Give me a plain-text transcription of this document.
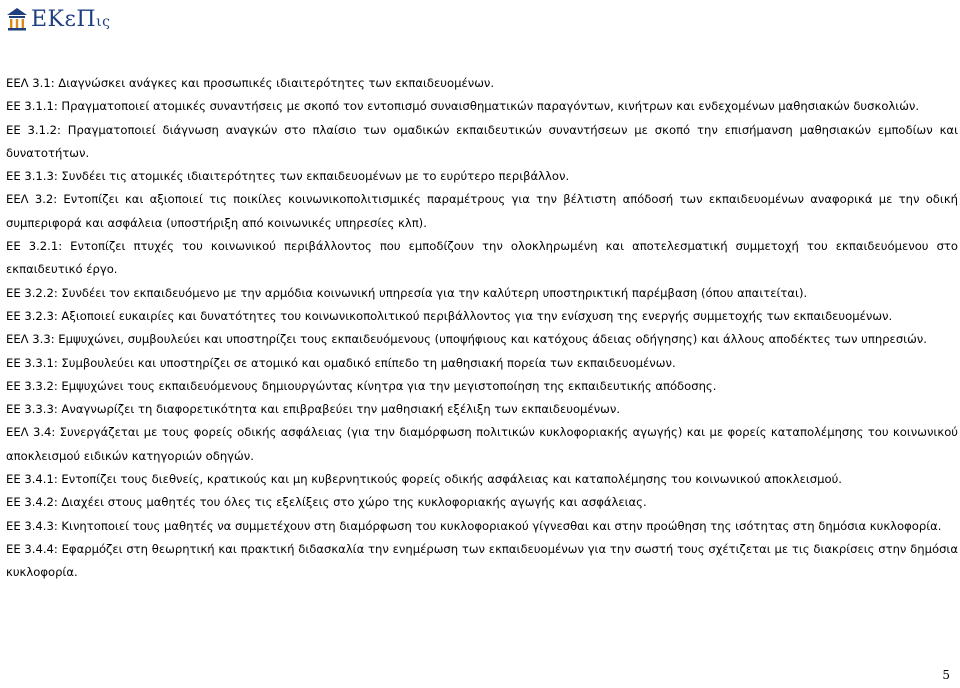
ΕΚεΠις

ΕΕΛ 3.1: Διαγνώσκει ανάγκες και προσωπικές ιδιαιτερότητες των εκπαιδευομένων.

ΕΕ 3.1.1: Πραγματοποιεί ατομικές συναντήσεις με σκοπό τον εντοπισμό συναισθηματικών παραγόντων, κινήτρων και ενδεχομένων μαθησιακών δυσκολιών.

ΕΕ 3.1.2: Πραγματοποιεί διάγνωση αναγκών στο πλαίσιο των ομαδικών εκπαιδευτικών συναντήσεων με σκοπό την επισήμανση μαθησιακών εμποδίων και δυνατοτήτων.

ΕΕ 3.1.3: Συνδέει τις ατομικές ιδιαιτερότητες των εκπαιδευομένων με το ευρύτερο περιβάλλον.

ΕΕΛ 3.2: Εντοπίζει και αξιοποιεί τις ποικίλες κοινωνικοπολιτισμικές παραμέτρους για την βέλτιστη απόδοσή των εκπαιδευομένων αναφορικά με την οδική συμπεριφορά και ασφάλεια (υποστήριξη από κοινωνικές υπηρεσίες κλπ).

ΕΕ 3.2.1: Εντοπίζει πτυχές του κοινωνικού περιβάλλοντος που εμποδίζουν την ολοκληρωμένη και αποτελεσματική συμμετοχή του εκπαιδευόμενου στο εκπαιδευτικό έργο.

ΕΕ 3.2.2: Συνδέει τον εκπαιδευόμενο με την αρμόδια κοινωνική υπηρεσία για την καλύτερη υποστηρικτική παρέμβαση (όπου απαιτείται).

ΕΕ 3.2.3: Αξιοποιεί ευκαιρίες και δυνατότητες του κοινωνικοπολιτικού περιβάλλοντος για την ενίσχυση της ενεργής συμμετοχής των εκπαιδευομένων.

ΕΕΛ 3.3: Εμψυχώνει, συμβουλεύει και υποστηρίζει τους εκπαιδευόμενους (υποψήφιους και κατόχους άδειας οδήγησης) και άλλους αποδέκτες των υπηρεσιών.

ΕΕ 3.3.1: Συμβουλεύει και υποστηρίζει σε ατομικό και ομαδικό επίπεδο τη μαθησιακή πορεία των εκπαιδευομένων.

ΕΕ 3.3.2: Εμψυχώνει τους εκπαιδευόμενους δημιουργώντας κίνητρα για την μεγιστοποίηση της εκπαιδευτικής απόδοσης.

ΕΕ 3.3.3: Αναγνωρίζει τη διαφορετικότητα και επιβραβεύει την μαθησιακή εξέλιξη των εκπαιδευομένων.

ΕΕΛ 3.4: Συνεργάζεται με τους φορείς οδικής ασφάλειας (για την διαμόρφωση πολιτικών κυκλοφοριακής αγωγής) και με φορείς καταπολέμησης του κοινωνικού αποκλεισμού ειδικών κατηγοριών οδηγών.

ΕΕ 3.4.1: Εντοπίζει τους διεθνείς, κρατικούς και μη κυβερνητικούς φορείς οδικής ασφάλειας και καταπολέμησης του κοινωνικού αποκλεισμού.

ΕΕ 3.4.2: Διαχέει στους μαθητές του όλες τις εξελίξεις στο χώρο της κυκλοφοριακής αγωγής και ασφάλειας.

ΕΕ 3.4.3: Κινητοποιεί τους μαθητές να συμμετέχουν στη διαμόρφωση του κυκλοφοριακού γίγνεσθαι και στην προώθηση της ισότητας στη δημόσια κυκλοφορία.

ΕΕ 3.4.4: Εφαρμόζει στη θεωρητική και πρακτική διδασκαλία την ενημέρωση των εκπαιδευομένων για την σωστή τους σχέτιζεται με τις διακρίσεις στην δημόσια κυκλοφορία.

5
